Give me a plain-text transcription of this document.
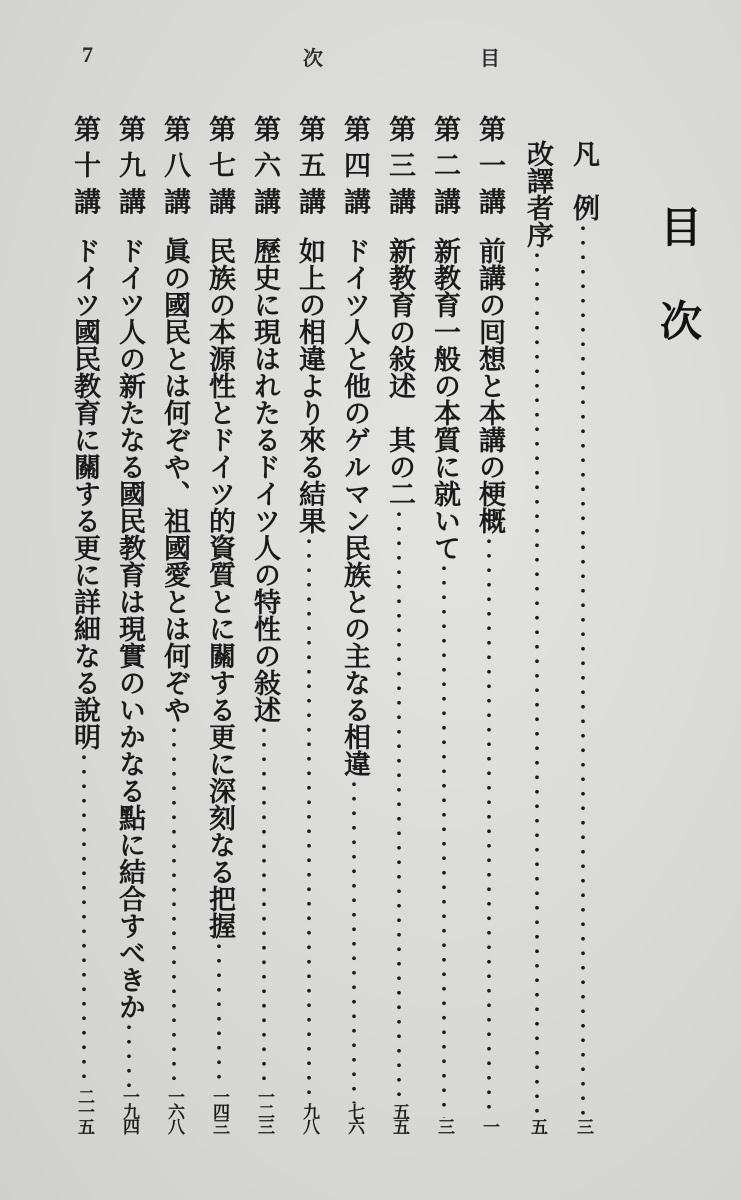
7	次	目
目次
凡　例
三
改譯者序
五
第 一 講
前講の囘想と本講の梗概
一
第 二 講
新教育一般の本質に就いて
三
第 三 講
新教育の敍述　其の二
五五
第 四 講
ドイツ人と他のゲルマン民族との主なる相違
七六
第 五 講
如上の相違より來る結果
九八
第 六 講
歷史に現はれたるドイツ人の特性の敍述
一二三
第 七 講
民族の本源性とドイツ的資質とに關する更に深刻なる把握
一四三
第 八 講
眞の國民とは何ぞや、祖國愛とは何ぞや
一六八
第 九 講
ドイツ人の新たなる國民教育は現實のいかなる點に結合すべきか
一九四
第 十 講
ドイツ國民教育に關する更に詳細なる說明
二一五
